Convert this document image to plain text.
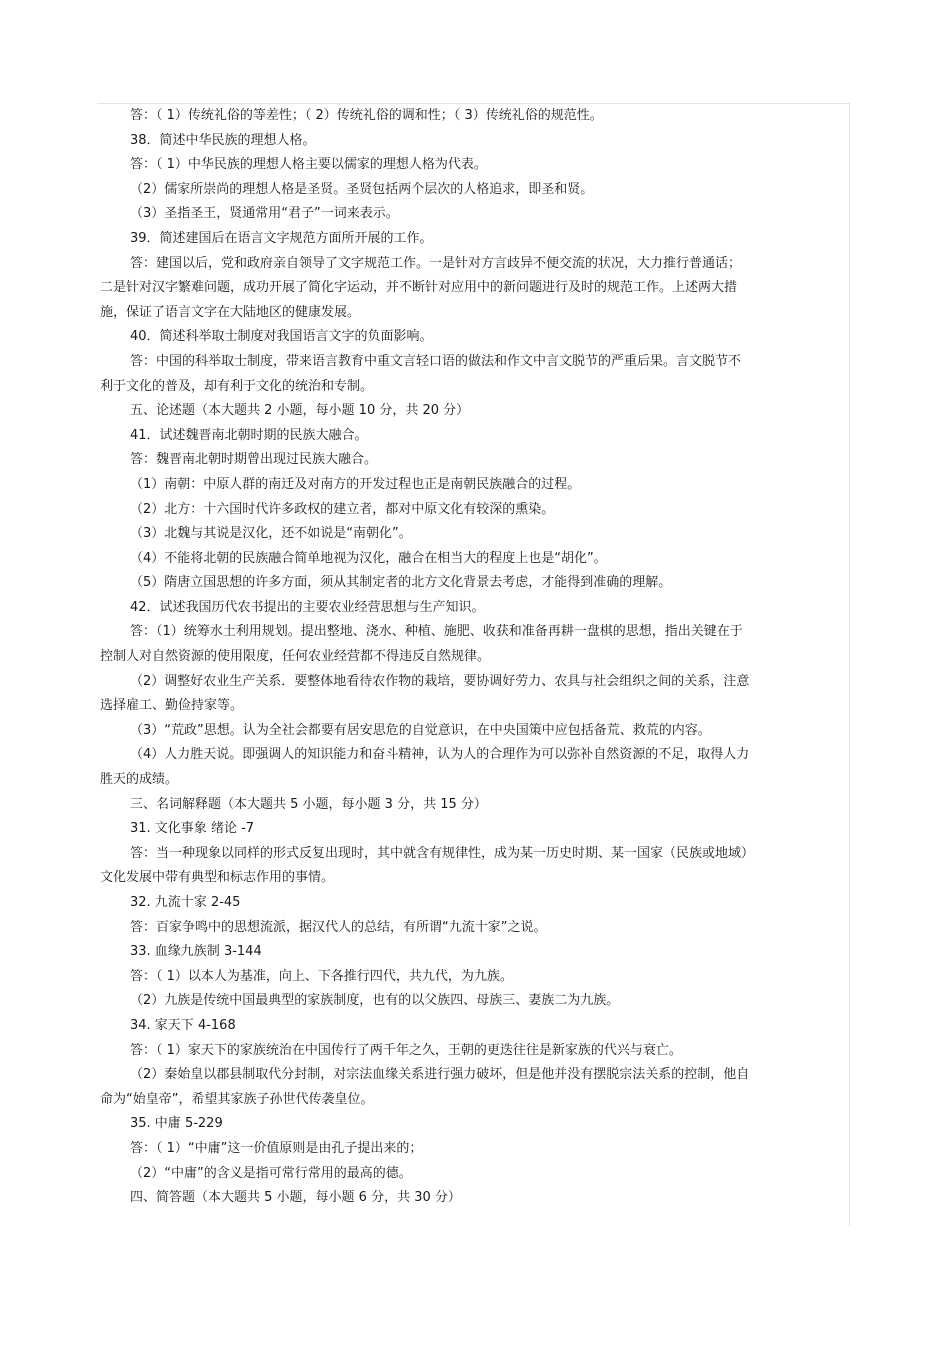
答：（ 1）传统礼俗的等差性；（ 2）传统礼俗的调和性；（ 3）传统礼俗的规范性。
38．简述中华民族的理想人格。
答：（ 1）中华民族的理想人格主要以儒家的理想人格为代表。
（2）儒家所崇尚的理想人格是圣贤。圣贤包括两个层次的人格追求，即圣和贤。
（3）圣指圣王，贤通常用“君子”一词来表示。
39．简述建国后在语言文字规范方面所开展的工作。
答：建国以后，党和政府亲自领导了文字规范工作。一是针对方言歧异不便交流的状况，大力推行普通话；
二是针对汉字繁难问题，成功开展了简化字运动，并不断针对应用中的新问题进行及时的规范工作。上述两大措
施，保证了语言文字在大陆地区的健康发展。
40．简述科举取士制度对我国语言文字的负面影响。
答：中国的科举取士制度，带来语言教育中重文言轻口语的做法和作文中言文脱节的严重后果。言文脱节不
利于文化的普及，却有利于文化的统治和专制。
五、论述题（本大题共 2 小题，每小题 10 分，共 20 分）
41．试述魏晋南北朝时期的民族大融合。
答：魏晋南北朝时期曾出现过民族大融合。
（1）南朝：中原人群的南迁及对南方的开发过程也正是南朝民族融合的过程。
（2）北方：十六国时代许多政权的建立者，都对中原文化有较深的熏染。
（3）北魏与其说是汉化，还不如说是“南朝化”。
（4）不能将北朝的民族融合简单地视为汉化，融合在相当大的程度上也是“胡化”。
（5）隋唐立国思想的许多方面，须从其制定者的北方文化背景去考虑，才能得到准确的理解。
42．试述我国历代农书提出的主要农业经营思想与生产知识。
答：（1）统筹水土利用规划。提出整地、浇水、种植、施肥、收获和准备再耕一盘棋的思想，指出关键在于
控制人对自然资源的使用限度，任何农业经营都不得违反自然规律。
（2）调整好农业生产关系．要整体地看待农作物的栽培，要协调好劳力、农具与社会组织之间的关系，注意
选择雇工、勤俭持家等。
（3）“荒政”思想。认为全社会都要有居安思危的自觉意识，在中央国策中应包括备荒、救荒的内容。
（4）人力胜天说。即强调人的知识能力和奋斗精神，认为人的合理作为可以弥补自然资源的不足，取得人力
胜天的成绩。
三、名词解释题（本大题共 5 小题，每小题 3 分，共 15 分）
31. 文化事象 绪论 -7
答：当一种现象以同样的形式反复出现时，其中就含有规律性，成为某一历史时期、某一国家（民族或地域）
文化发展中带有典型和标志作用的事情。
32. 九流十家 2-45
答：百家争鸣中的思想流派，据汉代人的总结，有所谓“九流十家”之说。
33. 血缘九族制 3-144
答：（ 1）以本人为基准，向上、下各推行四代，共九代，为九族。
（2）九族是传统中国最典型的家族制度，也有的以父族四、母族三、妻族二为九族。
34. 家天下 4-168
答：（ 1）家天下的家族统治在中国传行了两千年之久，王朝的更迭往往是新家族的代兴与衰亡。
（2）秦始皇以郡县制取代分封制，对宗法血缘关系进行强力破坏，但是他并没有摆脱宗法关系的控制，他自
命为“始皇帝”，希望其家族子孙世代传袭皇位。
35. 中庸 5-229
答：（ 1）“中庸”这一价值原则是由孔子提出来的；
（2）“中庸”的含义是指可常行常用的最高的德。
四、简答题（本大题共 5 小题，每小题 6 分，共 30 分）
